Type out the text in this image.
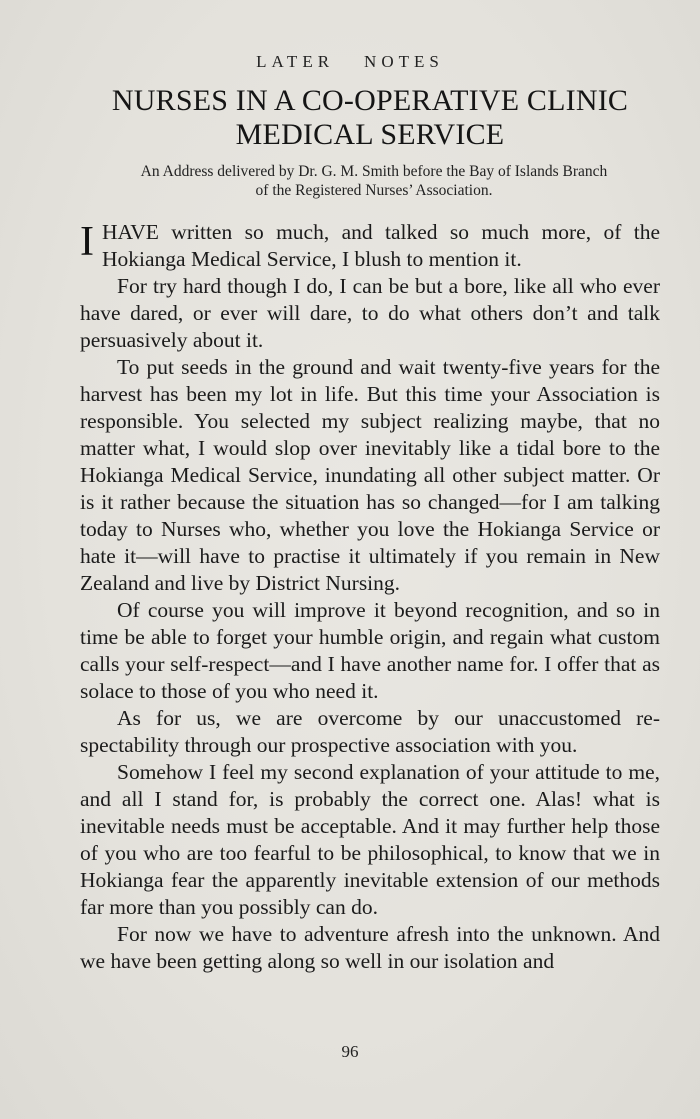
LATER NOTES
NURSES IN A CO-OPERATIVE CLINIC
MEDICAL SERVICE
An Address delivered by Dr. G. M. Smith before the Bay of Islands Branch
of the Registered Nurses’ Association.

IHAVE written so much, and talked so much more, of the Hokianga Medical Service, I blush to mention it.

For try hard though I do, I can be but a bore, like all who ever have dared, or ever will dare, to do what others don’t and talk persuasively about it.

To put seeds in the ground and wait twenty-five years for the harvest has been my lot in life. But this time your Association is responsible. You selected my subject realizing maybe, that no matter what, I would slop over inevitably like a tidal bore to the Hokianga Medical Service, inundating all other subject matter. Or is it rather because the situation has so changed—for I am talking today to Nurses who, whether you love the Hokianga Service or hate it—will have to practise it ultimately if you remain in New Zealand and live by District Nursing.

Of course you will improve it beyond recognition, and so in time be able to forget your humble origin, and regain what custom calls your self-respect—and I have another name for. I offer that as solace to those of you who need it.

As for us, we are overcome by our unaccustomed respectability through our prospective association with you.

Somehow I feel my second explanation of your attitude to me, and all I stand for, is probably the correct one. Alas! what is inevitable needs must be acceptable. And it may further help those of you who are too fearful to be philosophical, to know that we in Hokianga fear the apparently inevitable extension of our methods far more than you possibly can do.

For now we have to adventure afresh into the unknown. And we have been getting along so well in our isolation and

96
